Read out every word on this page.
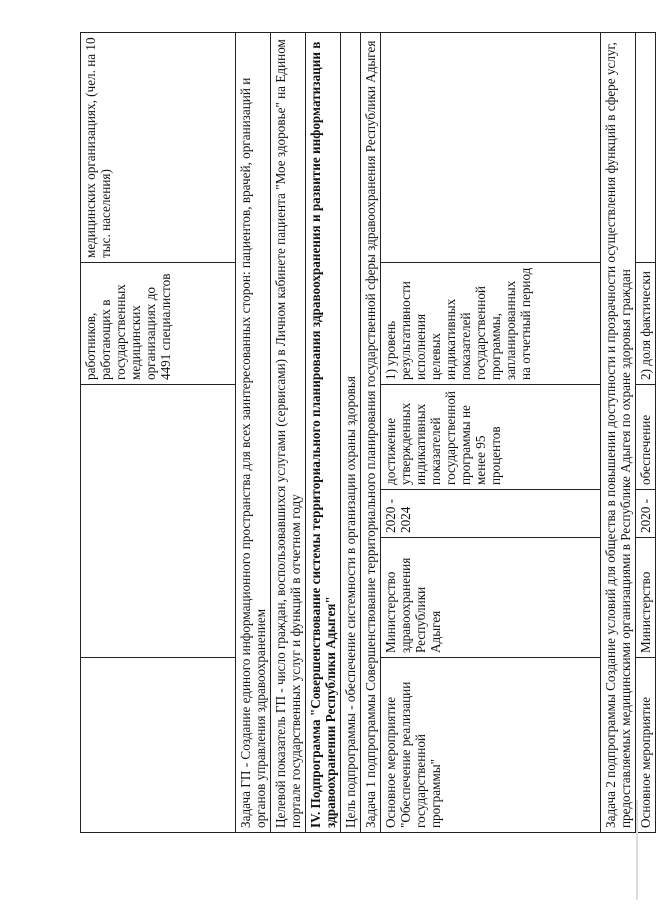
				работников, работающих в государственных медицинских организациях до 4491 специалистов	медицинских организациях, (чел. на 10 тыс. населения)
Задача ГП - Создание единого информационного пространства для всех заинтересованных сторон: пациентов, врачей, организаций и органов управления здравоохранением					
Целевой показатель ГП - число граждан, воспользовавшихся услугами (сервисами) в Личном кабинете пациента "Мое здоровье" на Едином портале государственных услуг и функций в отчетном году					
IV. Подпрограмма "Совершенствование системы территориального планирования здравоохранения и развитие информатизации в здравоохранении Республики Адыгея"					
Цель подпрограммы - обеспечение системности в организации охраны здоровья					
Задача 1 подпрограммы Совершенствование территориального планирования государственной сферы здравоохранения Республики Адыгея					
Основное мероприятие "Обеспечение реализации государственной программы"	Министерство здравоохранения Республики Адыгея	2020 - 2024	достижение утвержденных индикативных показателей государственной программы не менее 95 процентов	1) уровень результативности исполнения целевых индикативных показателей государственной программы, запланированных на отчетный период	
Задача 2 подпрограммы Создание условий для общества в повышении доступности и прозрачности осуществления функций в сфере услуг, предоставляемых медицинскими организациями в Республике Адыгея по охране здоровья граждан					
Основное мероприятие	Министерство	2020 -	обеспечение	2) доля фактически	
